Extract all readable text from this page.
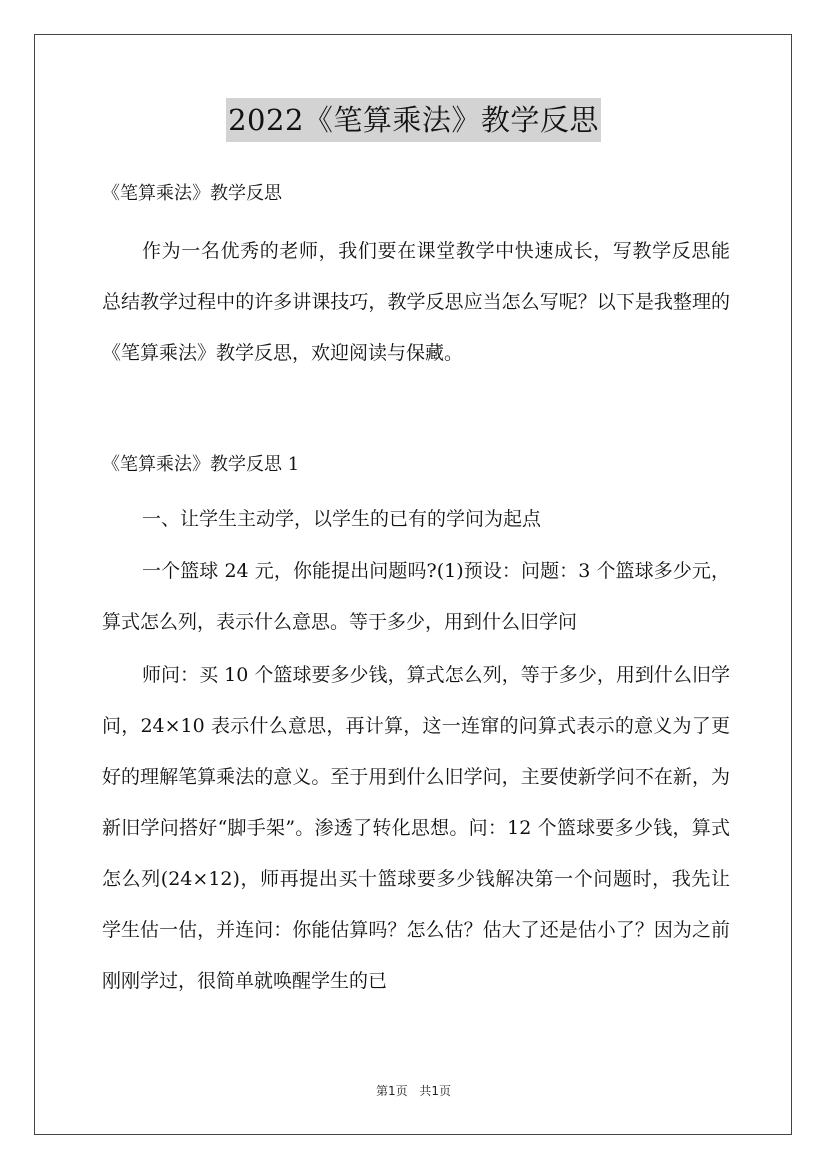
2022《笔算乘法》教学反思
《笔算乘法》教学反思
作为一名优秀的老师，我们要在课堂教学中快速成长，写教学反思能总结教学过程中的许多讲课技巧，教学反思应当怎么写呢？以下是我整理的《笔算乘法》教学反思，欢迎阅读与保藏。
《笔算乘法》教学反思 1
一、让学生主动学，以学生的已有的学问为起点
一个篮球 24 元，你能提出问题吗?(1)预设：问题：3 个篮球多少元，算式怎么列，表示什么意思。等于多少，用到什么旧学问
师问：买 10 个篮球要多少钱，算式怎么列，等于多少，用到什么旧学问，24×10 表示什么意思，再计算，这一连窜的问算式表示的意义为了更好的理解笔算乘法的意义。至于用到什么旧学问，主要使新学问不在新，为新旧学问搭好“脚手架”。渗透了转化思想。问：12 个篮球要多少钱，算式怎么列(24×12)，师再提出买十篮球要多少钱解决第一个问题时，我先让学生估一估，并连问：你能估算吗？怎么估？估大了还是估小了？因为之前刚刚学过，很简单就唤醒学生的已
第1页 共1页
